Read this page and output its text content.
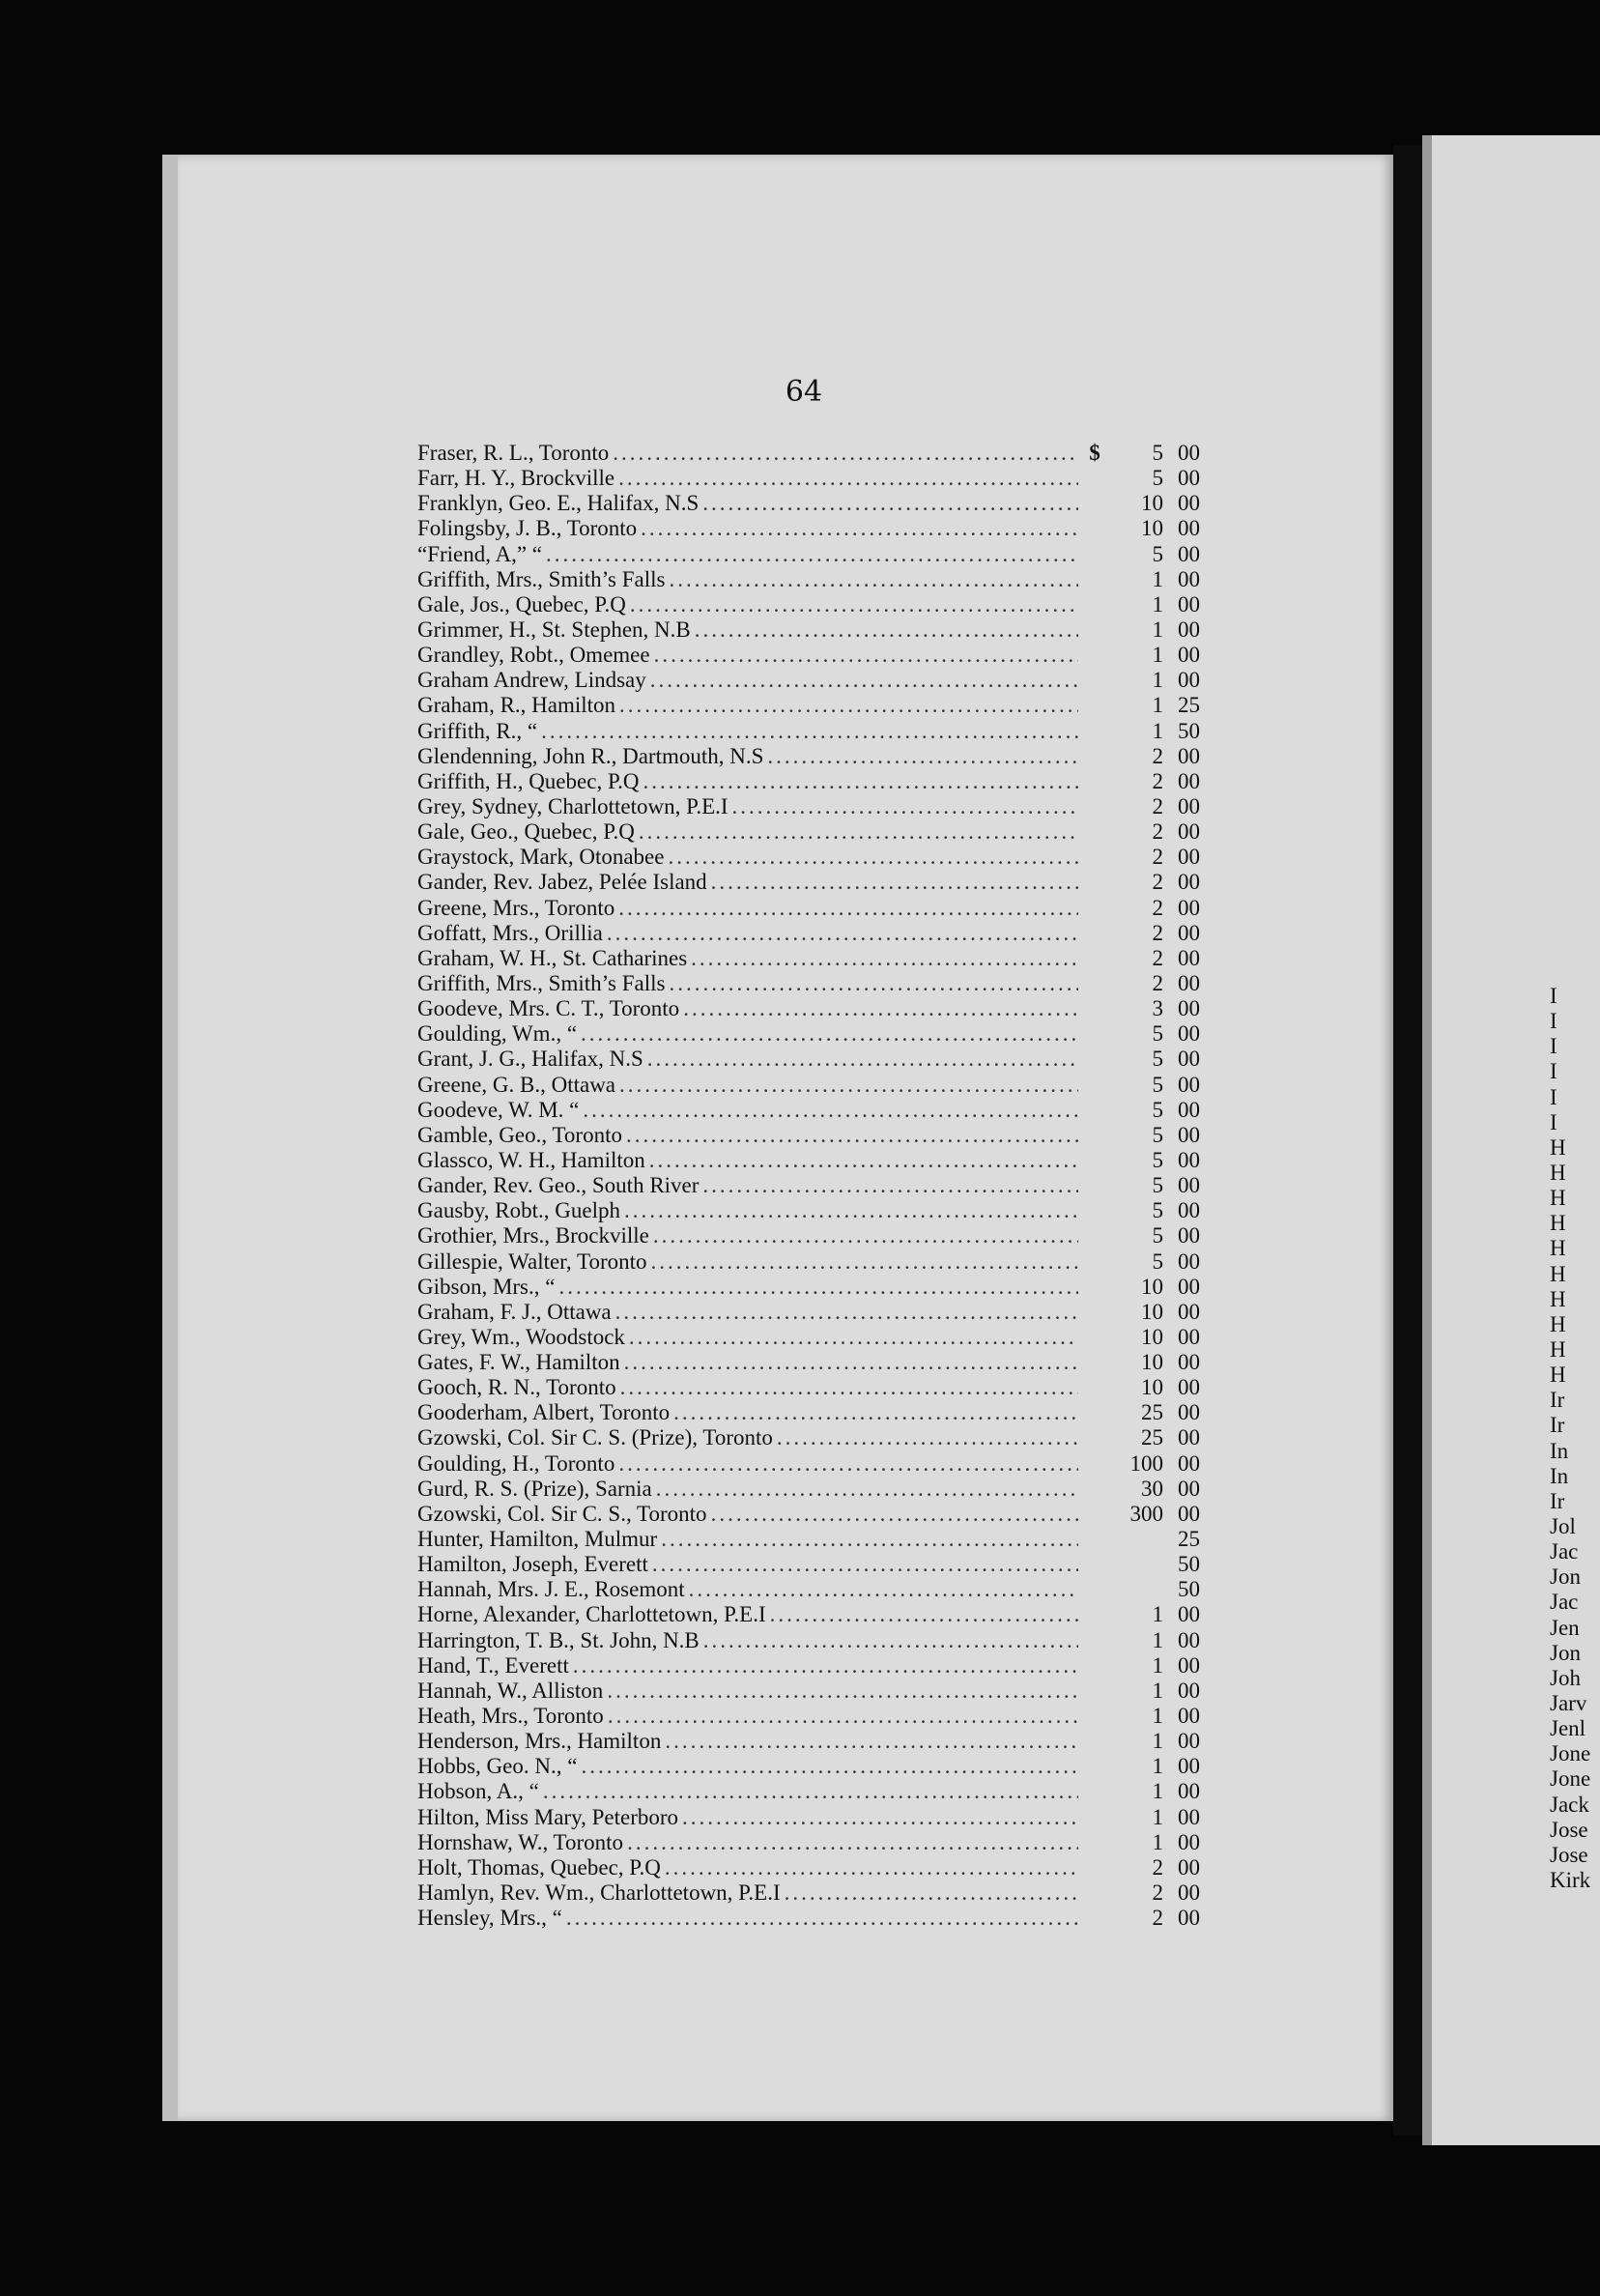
64
Fraser, R. L., Toronto .....	$	5 00
Farr, H. Y., Brockville .....	5 00
Franklyn, Geo. E., Halifax, N.S .....	10 00
Folingsby, J. B., Toronto .....	10 00
“Friend, A,” “ .....	5 00
Griffith, Mrs., Smith’s Falls .....	1 00
Gale, Jos., Quebec, P.Q .....	1 00
Grimmer, H., St. Stephen, N.B .....	1 00
Grandley, Robt., Omemee .....	1 00
Graham Andrew, Lindsay .....	1 00
Graham, R., Hamilton .....	1 25
Griffith, R., “ .....	1 50
Glendenning, John R., Dartmouth, N.S .....	2 00
Griffith, H., Quebec, P.Q .....	2 00
Grey, Sydney, Charlottetown, P.E.I .....	2 00
Gale, Geo., Quebec, P.Q .....	2 00
Graystock, Mark, Otonabee .....	2 00
Gander, Rev. Jabez, Pelée Island .....	2 00
Greene, Mrs., Toronto .....	2 00
Goffatt, Mrs., Orillia .....	2 00
Graham, W. H., St. Catharines .....	2 00
Griffith, Mrs., Smith’s Falls .....	2 00
Goodeve, Mrs. C. T., Toronto .....	3 00
Goulding, Wm., “ .....	5 00
Grant, J. G., Halifax, N.S .....	5 00
Greene, G. B., Ottawa .....	5 00
Goodeve, W. M. “ .....	5 00
Gamble, Geo., Toronto .....	5 00
Glassco, W. H., Hamilton .....	5 00
Gander, Rev. Geo., South River .....	5 00
Gausby, Robt., Guelph .....	5 00
Grothier, Mrs., Brockville .....	5 00
Gillespie, Walter, Toronto .....	5 00
Gibson, Mrs., “ .....	10 00
Graham, F. J., Ottawa .....	10 00
Grey, Wm., Woodstock .....	10 00
Gates, F. W., Hamilton .....	10 00
Gooch, R. N., Toronto .....	10 00
Gooderham, Albert, Toronto .....	25 00
Gzowski, Col. Sir C. S. (Prize), Toronto .....	25 00
Goulding, H., Toronto .....	100 00
Gurd, R. S. (Prize), Sarnia .....	30 00
Gzowski, Col. Sir C. S., Toronto .....	300 00
Hunter, Hamilton, Mulmur .....	25
Hamilton, Joseph, Everett .....	50
Hannah, Mrs. J. E., Rosemont .....	50
Horne, Alexander, Charlottetown, P.E.I .....	1 00
Harrington, T. B., St. John, N.B .....	1 00
Hand, T., Everett .....	1 00
Hannah, W., Alliston .....	1 00
Heath, Mrs., Toronto .....	1 00
Henderson, Mrs., Hamilton .....	1 00
Hobbs, Geo. N., “ .....	1 00
Hobson, A., “ .....	1 00
Hilton, Miss Mary, Peterboro .....	1 00
Hornshaw, W., Toronto .....	1 00
Holt, Thomas, Quebec, P.Q .....	2 00
Hamlyn, Rev. Wm., Charlottetown, P.E.I .....	2 00
Hensley, Mrs., “ .....	2 00
I
I
I
I
I
I
H
H
H
H
H
H
H
H
H
H
Ir
Ir
In
In
Ir
Jol
Jac
Jon
Jac
Jen
Jon
Joh
Jarv
Jenl
Jone
Jone
Jack
Jose
Jose
Kirk
